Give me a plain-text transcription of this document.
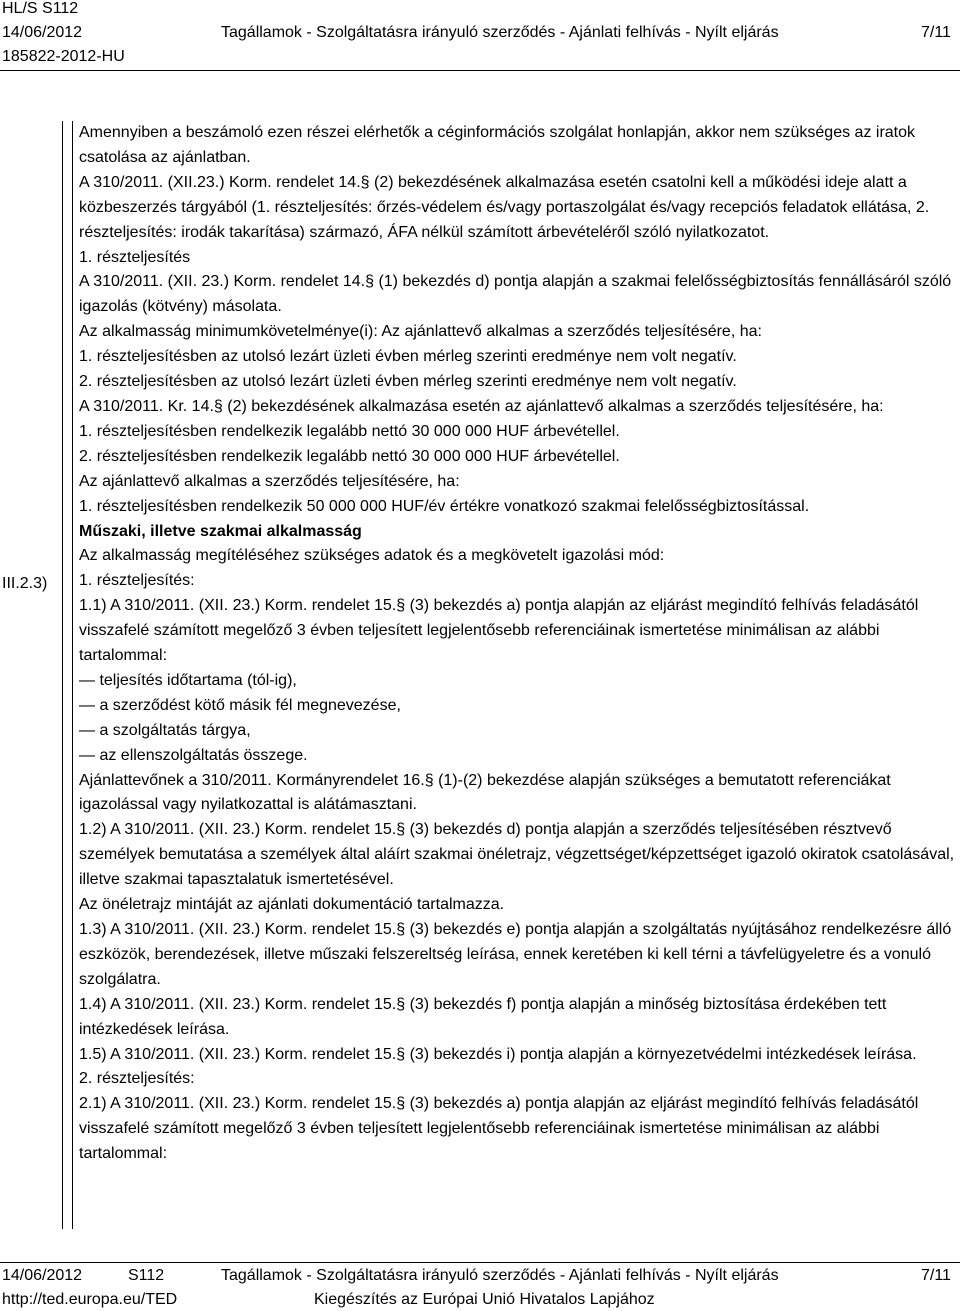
HL/S S112
14/06/2012	Tagállamok - Szolgáltatásra irányuló szerződés - Ajánlati felhívás - Nyílt eljárás	7/11
185822-2012-HU
III.2.3)

Amennyiben a beszámoló ezen részei elérhetők a céginformációs szolgálat honlapján, akkor nem szükséges az iratok csatolása az ajánlatban.

A 310/2011. (XII.23.) Korm. rendelet 14.§ (2) bekezdésének alkalmazása esetén csatolni kell a működési ideje alatt a közbeszerzés tárgyából (1. részteljesítés: őrzés-védelem és/vagy portaszolgálat és/vagy recepciós feladatok ellátása, 2. részteljesítés: irodák takarítása) származó, ÁFA nélkül számított árbevételéről szóló nyilatkozatot.

1. részteljesítés

A 310/2011. (XII. 23.) Korm. rendelet 14.§ (1) bekezdés d) pontja alapján a szakmai felelősségbiztosítás fennállásáról szóló igazolás (kötvény) másolata.

Az alkalmasság minimumkövetelménye(i): Az ajánlattevő alkalmas a szerződés teljesítésére, ha:

1. részteljesítésben az utolsó lezárt üzleti évben mérleg szerinti eredménye nem volt negatív.

2. részteljesítésben az utolsó lezárt üzleti évben mérleg szerinti eredménye nem volt negatív.

A 310/2011. Kr. 14.§ (2) bekezdésének alkalmazása esetén az ajánlattevő alkalmas a szerződés teljesítésére, ha:

1. részteljesítésben rendelkezik legalább nettó 30 000 000 HUF árbevétellel.

2. részteljesítésben rendelkezik legalább nettó 30 000 000 HUF árbevétellel.

Az ajánlattevő alkalmas a szerződés teljesítésére, ha:

1. részteljesítésben rendelkezik 50 000 000 HUF/év értékre vonatkozó szakmai felelősségbiztosítással.

Műszaki, illetve szakmai alkalmasság

Az alkalmasság megítéléséhez szükséges adatok és a megkövetelt igazolási mód:

1. részteljesítés:

1.1) A 310/2011. (XII. 23.) Korm. rendelet 15.§ (3) bekezdés a) pontja alapján az eljárást megindító felhívás feladásától visszafelé számított megelőző 3 évben teljesített legjelentősebb referenciáinak ismertetése minimálisan az alábbi tartalommal:

— teljesítés időtartama (tól-ig),

— a szerződést kötő másik fél megnevezése,

— a szolgáltatás tárgya,

— az ellenszolgáltatás összege.

Ajánlattevőnek a 310/2011. Kormányrendelet 16.§ (1)-(2) bekezdése alapján szükséges a bemutatott referenciákat igazolással vagy nyilatkozattal is alátámasztani.

1.2) A 310/2011. (XII. 23.) Korm. rendelet 15.§ (3) bekezdés d) pontja alapján a szerződés teljesítésében résztvevő személyek bemutatása a személyek által aláírt szakmai önéletrajz, végzettséget/képzettséget igazoló okiratok csatolásával, illetve szakmai tapasztalatuk ismertetésével.

Az önéletrajz mintáját az ajánlati dokumentáció tartalmazza.

1.3) A 310/2011. (XII. 23.) Korm. rendelet 15.§ (3) bekezdés e) pontja alapján a szolgáltatás nyújtásához rendelkezésre álló eszközök, berendezések, illetve műszaki felszereltség leírása, ennek keretében ki kell térni a távfelügyeletre és a vonuló szolgálatra.

1.4) A 310/2011. (XII. 23.) Korm. rendelet 15.§ (3) bekezdés f) pontja alapján a minőség biztosítása érdekében tett intézkedések leírása.

1.5) A 310/2011. (XII. 23.) Korm. rendelet 15.§ (3) bekezdés i) pontja alapján a környezetvédelmi intézkedések leírása.

2. részteljesítés:

2.1) A 310/2011. (XII. 23.) Korm. rendelet 15.§ (3) bekezdés a) pontja alapján az eljárást megindító felhívás feladásától visszafelé számított megelőző 3 évben teljesített legjelentősebb referenciáinak ismertetése minimálisan az alábbi tartalommal:

14/06/2012	S112	Tagállamok - Szolgáltatásra irányuló szerződés - Ajánlati felhívás - Nyílt eljárás	7/11
http://ted.europa.eu/TED	Kiegészítés az Európai Unió Hivatalos Lapjához
